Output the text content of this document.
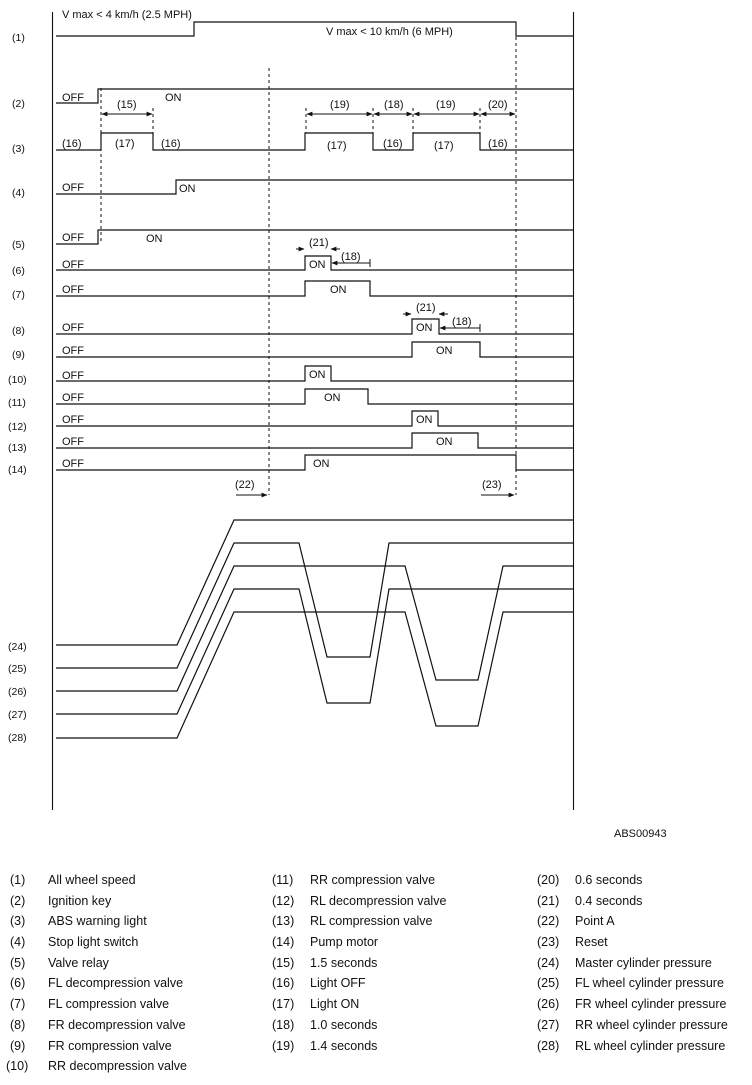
(1)
(2)
(3)
(4)
(5)
(6)
(7)
(8)
(9)
(10)
(11)
(12)
(13)
(14)
(24)
(25)
(26)
(27)
(28)
V max < 4 km/h (2.5 MPH)
V max < 10 km/h (6 MPH)
OFF
OFF
OFF
OFF
OFF
OFF
OFF
OFF
OFF
OFF
OFF
OFF
ON
ON
ON
ON
ON
ON
ON
ON
ON
ON
ON
ON
(15)	(19)	(18)	(19)	(20)
(16)	(17) (16)	(17)	(16)	(17)	(16)
(21)
(18)
(21)
(18)
(22)	(23)
ABS00943
(1) All wheel speed
(2) Ignition key
(3) ABS warning light
(4) Stop light switch
(5) Valve relay
(6) FL decompression valve
(7) FL compression valve
(8) FR decompression valve
(9) FR compression valve
(10) RR decompression valve
(11) RR compression valve
(12) RL decompression valve
(13) RL compression valve
(14) Pump motor
(15) 1.5 seconds
(16) Light OFF
(17) Light ON
(18) 1.0 seconds
(19) 1.4 seconds
(20) 0.6 seconds
(21) 0.4 seconds
(22) Point A
(23) Reset
(24) Master cylinder pressure
(25) FL wheel cylinder pressure
(26) FR wheel cylinder pressure
(27) RR wheel cylinder pressure
(28) RL wheel cylinder pressure
